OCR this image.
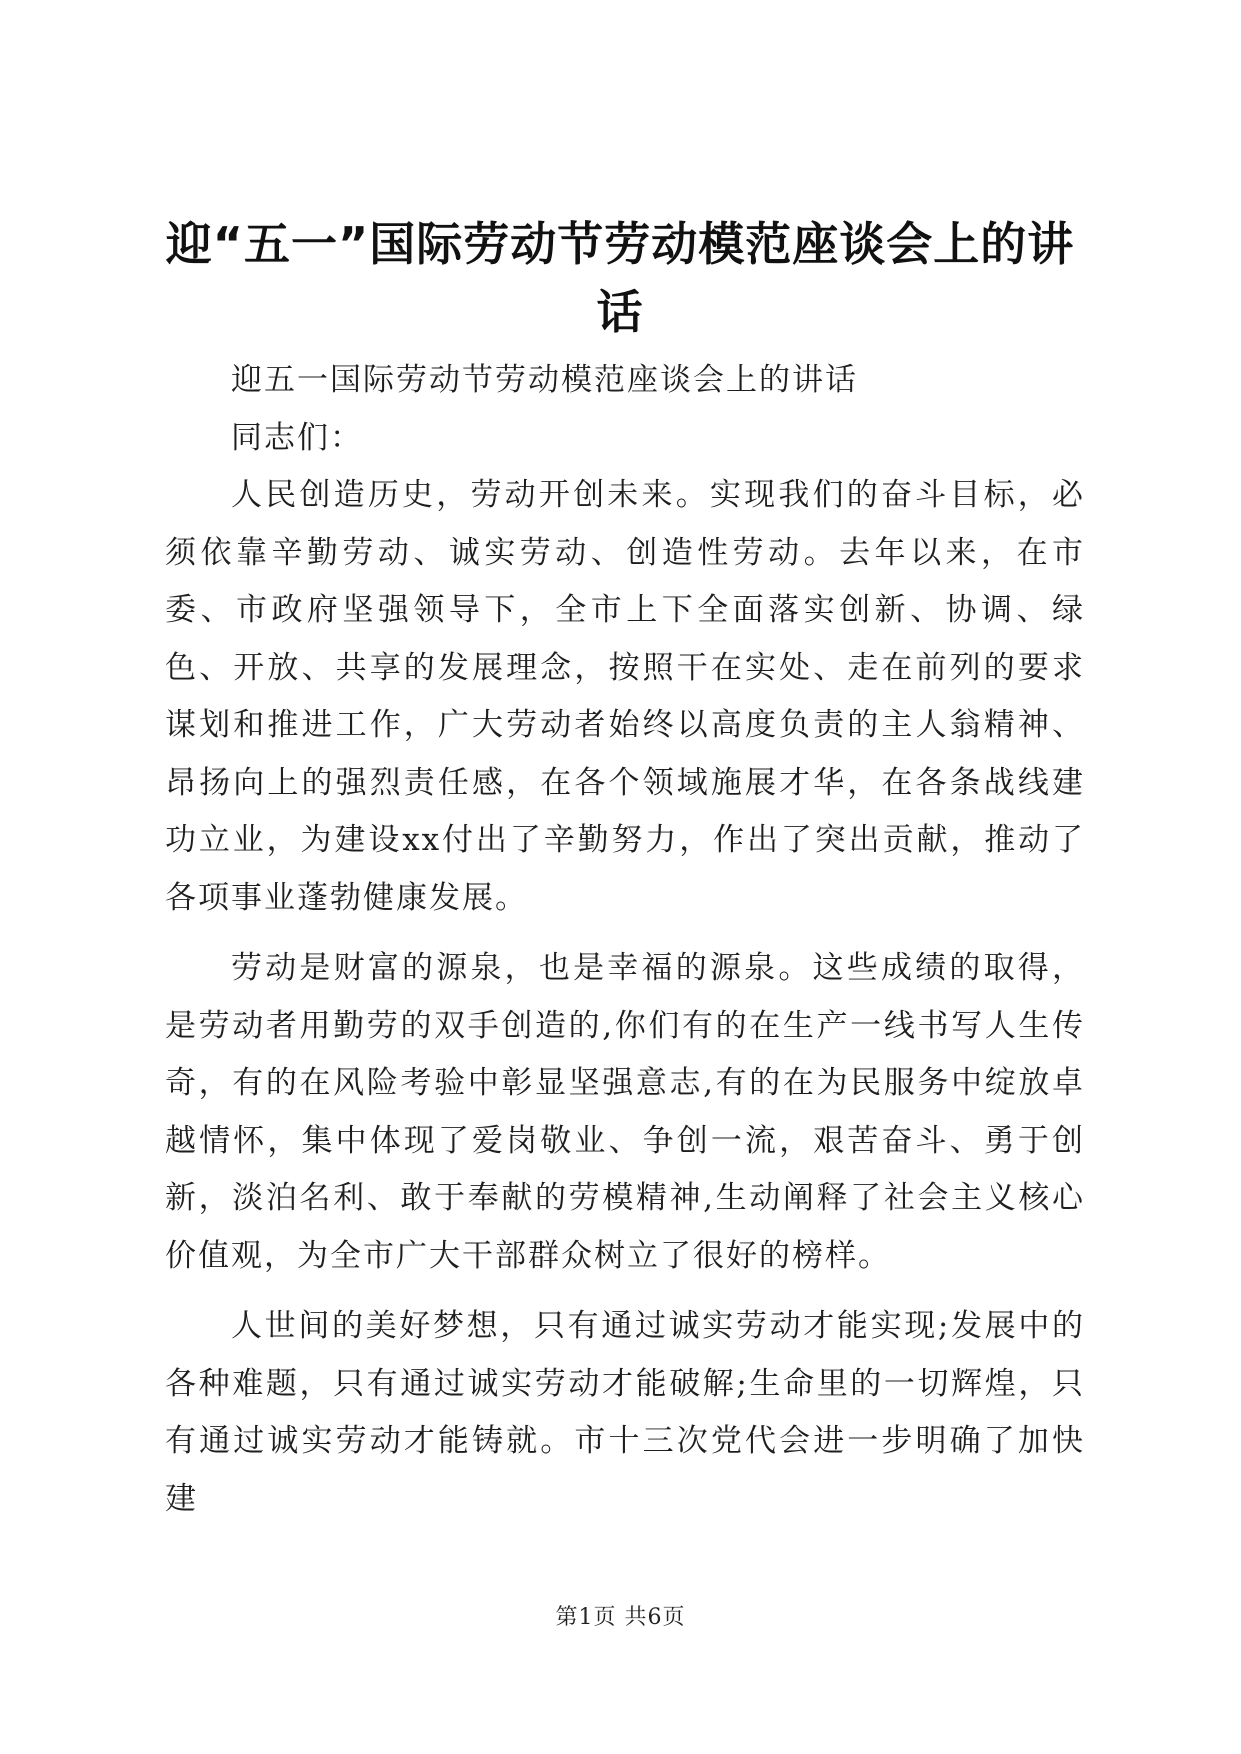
迎“五一”国际劳动节劳动模范座谈会上的讲话

迎五一国际劳动节劳动模范座谈会上的讲话

同志们：

人民创造历史，劳动开创未来。实现我们的奋斗目标，必须依靠辛勤劳动、诚实劳动、创造性劳动。去年以来，在市委、市政府坚强领导下，全市上下全面落实创新、协调、绿色、开放、共享的发展理念，按照干在实处、走在前列的要求谋划和推进工作，广大劳动者始终以高度负责的主人翁精神、昂扬向上的强烈责任感，在各个领域施展才华，在各条战线建功立业，为建设xx付出了辛勤努力，作出了突出贡献，推动了各项事业蓬勃健康发展。

劳动是财富的源泉，也是幸福的源泉。这些成绩的取得，是劳动者用勤劳的双手创造的,你们有的在生产一线书写人生传奇，有的在风险考验中彰显坚强意志,有的在为民服务中绽放卓越情怀，集中体现了爱岗敬业、争创一流，艰苦奋斗、勇于创新，淡泊名利、敢于奉献的劳模精神,生动阐释了社会主义核心价值观，为全市广大干部群众树立了很好的榜样。

人世间的美好梦想，只有通过诚实劳动才能实现;发展中的各种难题，只有通过诚实劳动才能破解;生命里的一切辉煌，只有通过诚实劳动才能铸就。市十三次党代会进一步明确了加快建

第1页 共6页
